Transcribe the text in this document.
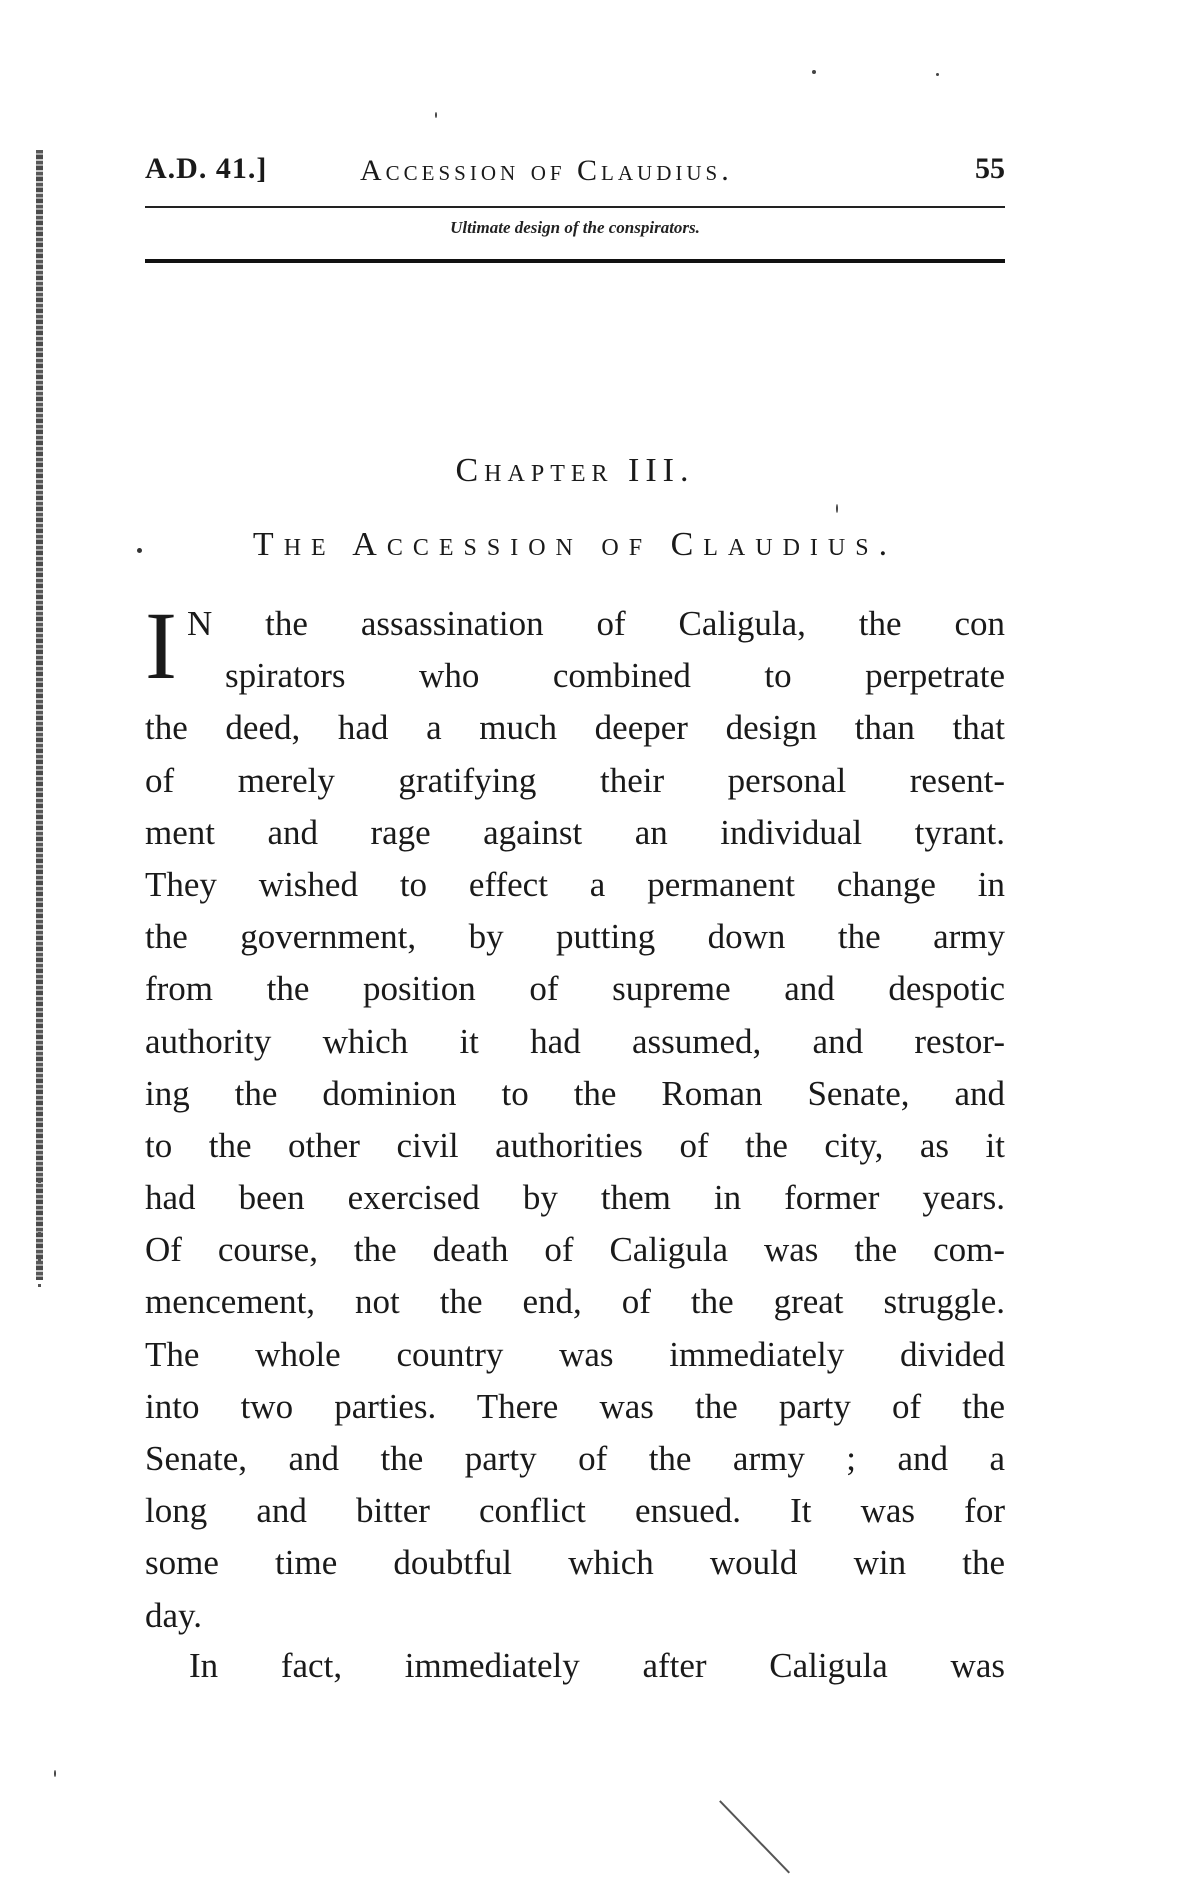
A.D. 41.]	Accession of Claudius.	55
Ultimate design of the conspirators.
Chapter III.
The Accession of Claudius.
I N the assassination of Caligula, the con
spirators who combined to perpetrate
the deed, had a much deeper design than that
of merely gratifying their personal resent-
ment and rage against an individual tyrant.
They wished to effect a permanent change in
the government, by putting down the army
from the position of supreme and despotic
authority which it had assumed, and restor-
ing the dominion to the Roman Senate, and
to the other civil authorities of the city, as it
had been exercised by them in former years.
Of course, the death of Caligula was the com-
mencement, not the end, of the great struggle.
The whole country was immediately divided
into two parties. There was the party of the
Senate, and the party of the army ; and a
long and bitter conflict ensued. It was for
some time doubtful which would win the
day.
In fact, immediately after Caligula was
